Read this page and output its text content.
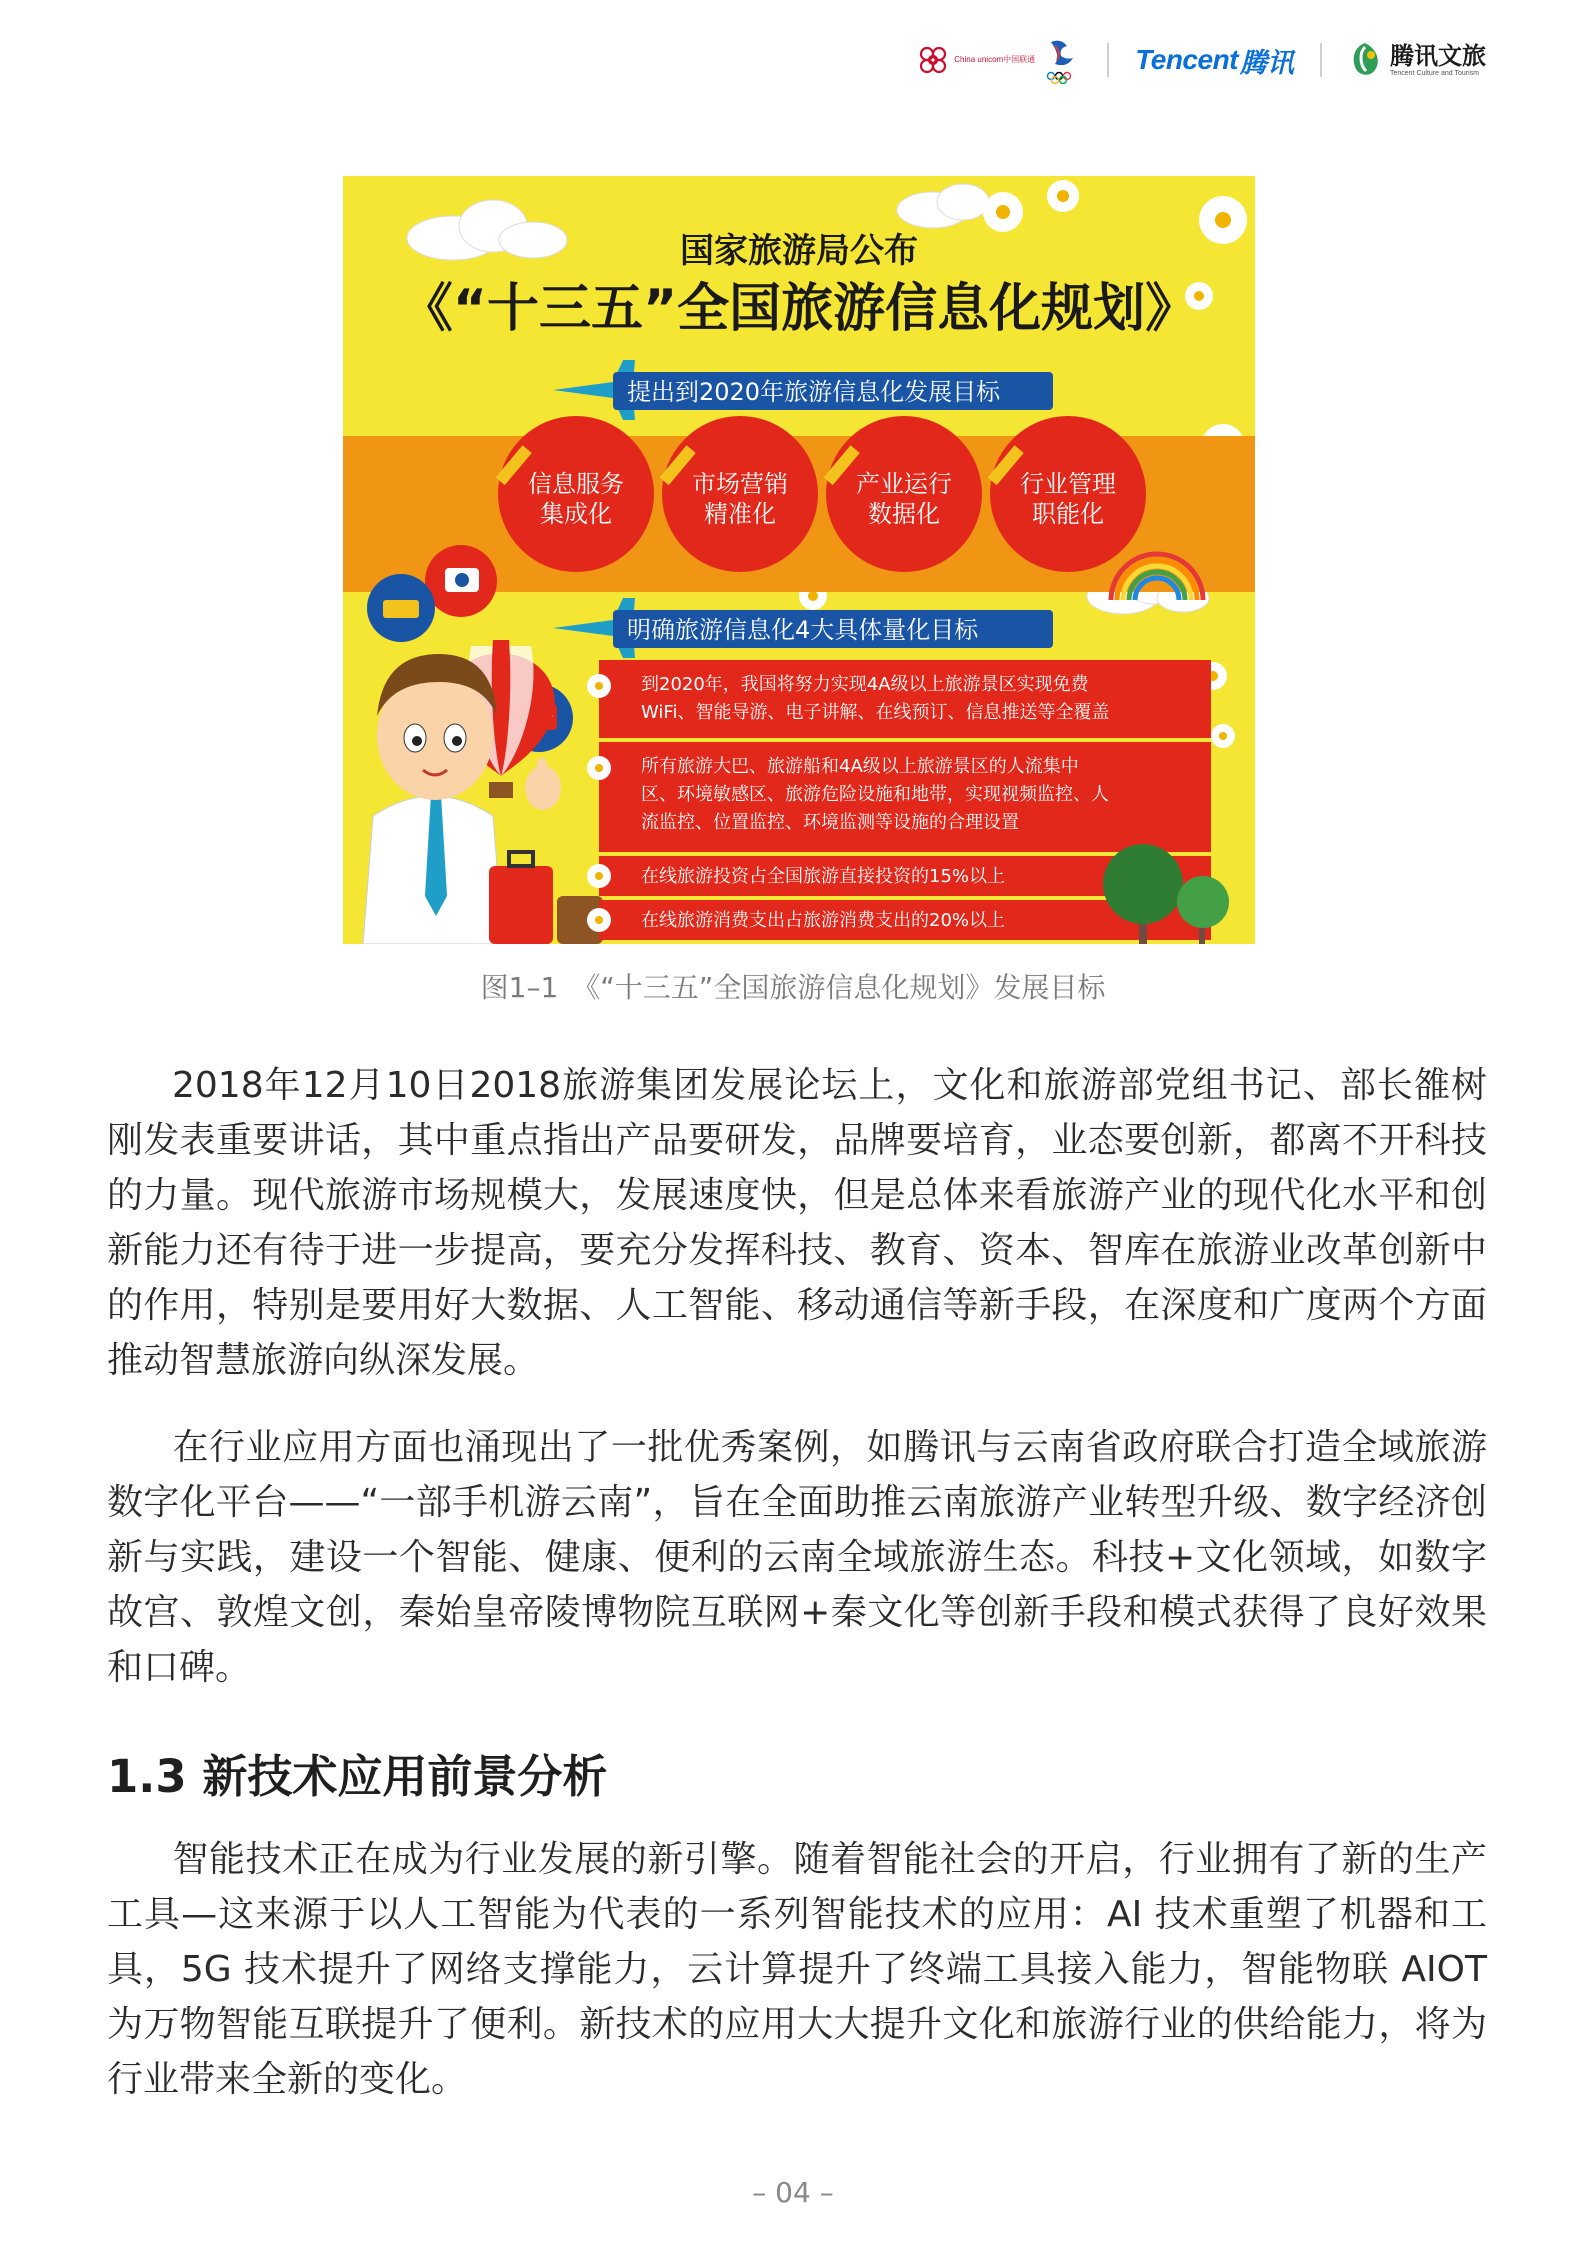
China unicom中国联通	Tencent 腾讯	腾讯文旅
Tencent Culture and Tourism
国家旅游局公布
《“十三五”全国旅游信息化规划》
提出到2020年旅游信息化发展目标
信息服务
集成化
市场营销
精准化
产业运行
数据化
行业管理
职能化
明确旅游信息化4大具体量化目标
到2020年，我国将努力实现4A级以上旅游景区实现免费
WiFi、智能导游、电子讲解、在线预订、信息推送等全覆盖
所有旅游大巴、旅游船和4A级以上旅游景区的人流集中
区、环境敏感区、旅游危险设施和地带，实现视频监控、人
流监控、位置监控、环境监测等设施的合理设置
在线旅游投资占全国旅游直接投资的15%以上
在线旅游消费支出占旅游消费支出的20%以上
图1–1　《“十三五”全国旅游信息化规划》发展目标

2018年12月10日2018旅游集团发展论坛上，文化和旅游部党组书记、部长雒树刚发表重要讲话，其中重点指出产品要研发，品牌要培育，业态要创新，都离不开科技的力量。现代旅游市场规模大，发展速度快，但是总体来看旅游产业的现代化水平和创新能力还有待于进一步提高，要充分发挥科技、教育、资本、智库在旅游业改革创新中的作用，特别是要用好大数据、人工智能、移动通信等新手段，在深度和广度两个方面推动智慧旅游向纵深发展。

在行业应用方面也涌现出了一批优秀案例，如腾讯与云南省政府联合打造全域旅游数字化平台——“一部手机游云南”，旨在全面助推云南旅游产业转型升级、数字经济创新与实践，建设一个智能、健康、便利的云南全域旅游生态。科技+文化领域，如数字故宫、敦煌文创，秦始皇帝陵博物院互联网+秦文化等创新手段和模式获得了良好效果和口碑。

1.3 新技术应用前景分析

智能技术正在成为行业发展的新引擎。随着智能社会的开启，行业拥有了新的生产工具—这来源于以人工智能为代表的一系列智能技术的应用：AI 技术重塑了机器和工具，5G 技术提升了网络支撑能力，云计算提升了终端工具接入能力，智能物联 AIOT 为万物智能互联提升了便利。新技术的应用大大提升文化和旅游行业的供给能力，将为行业带来全新的变化。

– 04 –
